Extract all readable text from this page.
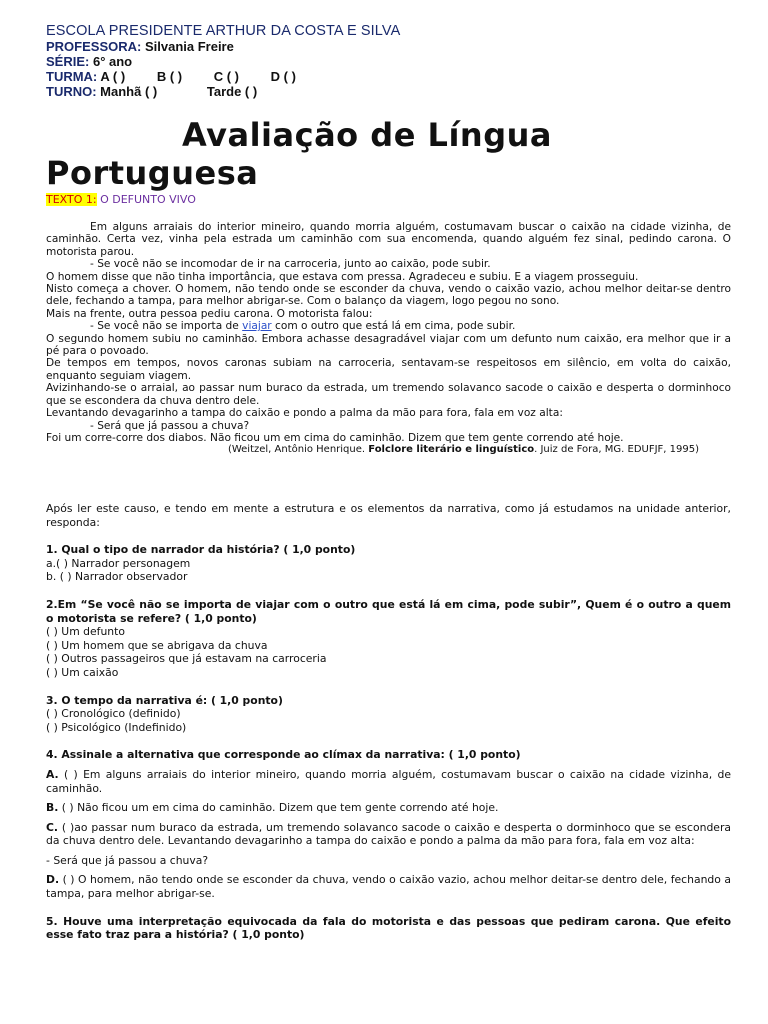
ESCOLA PRESIDENTE ARTHUR DA COSTA E SILVA
PROFESSORA: Silvania Freire
SÉRIE: 6° ano
TURMA: A ( ) B ( ) C ( ) D ( )
TURNO: Manhã ( )	Tarde ( )
Avaliação de Língua
Portuguesa
TEXTO 1: O DEFUNTO VIVO

Em alguns arraiais do interior mineiro, quando morria alguém, costumavam buscar o caixão na cidade vizinha, de caminhão. Certa vez, vinha pela estrada um caminhão com sua encomenda, quando alguém fez sinal, pedindo carona. O motorista parou.

- Se você não se incomodar de ir na carroceria, junto ao caixão, pode subir.

O homem disse que não tinha importância, que estava com pressa. Agradeceu e subiu. E a viagem prosseguiu.

Nisto começa a chover. O homem, não tendo onde se esconder da chuva, vendo o caixão vazio, achou melhor deitar-se dentro dele, fechando a tampa, para melhor abrigar-se. Com o balanço da viagem, logo pegou no sono.

Mais na frente, outra pessoa pediu carona. O motorista falou:

- Se você não se importa de viajar com o outro que está lá em cima, pode subir.

O segundo homem subiu no caminhão. Embora achasse desagradável viajar com um defunto num caixão, era melhor que ir a pé para o povoado.

De tempos em tempos, novos caronas subiam na carroceria, sentavam-se respeitosos em silêncio, em volta do caixão, enquanto seguiam viagem.

Avizinhando-se o arraial, ao passar num buraco da estrada, um tremendo solavanco sacode o caixão e desperta o dorminhoco que se escondera da chuva dentro dele.

Levantando devagarinho a tampa do caixão e pondo a palma da mão para fora, fala em voz alta:

- Será que já passou a chuva?

Foi um corre-corre dos diabos. Não ficou um em cima do caminhão. Dizem que tem gente correndo até hoje.

(Weitzel, Antônio Henrique. Folclore literário e linguístico. Juiz de Fora, MG. EDUFJF, 1995)

Após ler este causo, e tendo em mente a estrutura e os elementos da narrativa, como já estudamos na unidade anterior, responda:

1. Qual o tipo de narrador da história? ( 1,0 ponto)

a.( ) Narrador personagem

b. ( ) Narrador observador

2.Em “Se você não se importa de viajar com o outro que está lá em cima, pode subir”, Quem é o outro a quem o motorista se refere? ( 1,0 ponto)

( ) Um defunto

( ) Um homem que se abrigava da chuva

( ) Outros passageiros que já estavam na carroceria

( ) Um caixão

3. O tempo da narrativa é: ( 1,0 ponto)

( ) Cronológico (definido)

( ) Psicológico (Indefinido)

4. Assinale a alternativa que corresponde ao clímax da narrativa: ( 1,0 ponto)

A. ( ) Em alguns arraiais do interior mineiro, quando morria alguém, costumavam buscar o caixão na cidade vizinha, de caminhão.

B. ( ) Não ficou um em cima do caminhão. Dizem que tem gente correndo até hoje.

C. ( )ao passar num buraco da estrada, um tremendo solavanco sacode o caixão e desperta o dorminhoco que se escondera da chuva dentro dele. Levantando devagarinho a tampa do caixão e pondo a palma da mão para fora, fala em voz alta:

- Será que já passou a chuva?

D. ( ) O homem, não tendo onde se esconder da chuva, vendo o caixão vazio, achou melhor deitar-se dentro dele, fechando a tampa, para melhor abrigar-se.

5. Houve uma interpretação equivocada da fala do motorista e das pessoas que pediram carona. Que efeito esse fato traz para a história? ( 1,0 ponto)
